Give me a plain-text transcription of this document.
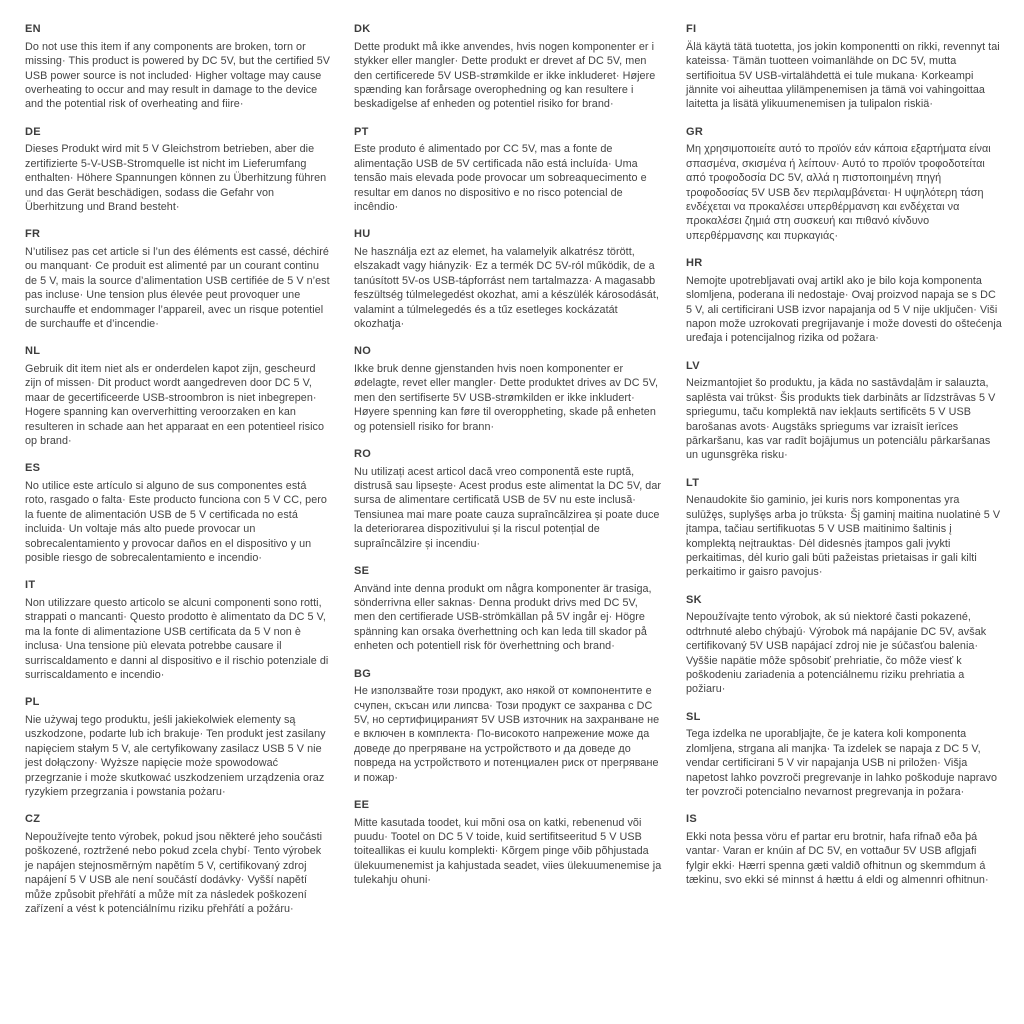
EN

Do not use this item if any components are broken, torn or missing· This product is powered by DC 5V, but the certified 5V USB power source is not included· Higher voltage may cause overheating to occur and may result in damage to the device and the potential risk of overheating and fiire·

DE

Dieses Produkt wird mit 5 V Gleichstrom betrieben, aber die zertifizierte 5-V-USB-Stromquelle ist nicht im Lieferumfang enthalten· Höhere Spannungen können zu Überhitzung führen und das Gerät beschädigen, sodass die Gefahr von Überhitzung und Brand besteht·

FR

N’utilisez pas cet article si l’un des éléments est cassé, déchiré ou manquant· Ce produit est alimenté par un courant continu de 5 V, mais la source d’alimentation USB certifiée de 5 V n’est pas incluse· Une tension plus élevée peut provoquer une surchauffe et endommager l’appareil, avec un risque potentiel de surchauffe et d’incendie·

NL

Gebruik dit item niet als er onderdelen kapot zijn, gescheurd zijn of missen· Dit product wordt aangedreven door DC 5 V, maar de gecertificeerde USB-stroombron is niet inbegrepen· Hogere spanning kan oververhitting veroorzaken en kan resulteren in schade aan het apparaat en een potentieel risico op brand·

ES

No utilice este artículo si alguno de sus componentes está roto, rasgado o falta· Este producto funciona con 5 V CC, pero la fuente de alimentación USB de 5 V certificada no está incluida· Un voltaje más alto puede provocar un sobrecalentamiento y provocar daños en el dispositivo y un posible riesgo de sobrecalentamiento e incendio·

IT

Non utilizzare questo articolo se alcuni componenti sono rotti, strappati o mancanti· Questo prodotto è alimentato da DC 5 V, ma la fonte di alimentazione USB certificata da 5 V non è inclusa· Una tensione più elevata potrebbe causare il surriscaldamento e danni al dispositivo e il rischio potenziale di surriscaldamento e incendio·

PL

Nie używaj tego produktu, jeśli jakiekolwiek elementy są uszkodzone, podarte lub ich brakuje· Ten produkt jest zasilany napięciem stałym 5 V, ale certyfikowany zasilacz USB 5 V nie jest dołączony· Wyższe napięcie może spowodować przegrzanie i może skutkować uszkodzeniem urządzenia oraz ryzykiem przegrzania i powstania pożaru·

CZ

Nepoužívejte tento výrobek, pokud jsou některé jeho součásti poškozené, roztržené nebo pokud zcela chybí· Tento výrobek je napájen stejnosměrným napětím 5 V, certifikovaný zdroj napájení 5 V USB ale není součástí dodávky· Vyšší napětí může způsobit přehřátí a může mít za následek poškození zařízení a vést k potenciálnímu riziku přehřátí a požáru·

DK

Dette produkt må ikke anvendes, hvis nogen komponenter er i stykker eller mangler· Dette produkt er drevet af DC 5V, men den certificerede 5V USB-strømkilde er ikke inkluderet· Højere spænding kan forårsage overophedning og kan resultere i beskadigelse af enheden og potentiel risiko for brand·

PT

Este produto é alimentado por CC 5V, mas a fonte de alimentação USB de 5V certificada não está incluída· Uma tensão mais elevada pode provocar um sobreaquecimento e resultar em danos no dispositivo e no risco potencial de incêndio·

HU

Ne használja ezt az elemet, ha valamelyik alkatrész törött, elszakadt vagy hiányzik· Ez a termék DC 5V-ról működik, de a tanúsított 5V-os USB-tápforrást nem tartalmazza· A magasabb feszültség túlmelegedést okozhat, ami a készülék károsodását, valamint a túlmelegedés és a tűz esetleges kockázatát okozhatja·

NO

Ikke bruk denne gjenstanden hvis noen komponenter er ødelagte, revet eller mangler· Dette produktet drives av DC 5V, men den sertifiserte 5V USB-strømkilden er ikke inkludert· Høyere spenning kan føre til overoppheting, skade på enheten og potensiell risiko for brann·

RO

Nu utilizați acest articol dacă vreo componentă este ruptă, distrusă sau lipsește· Acest produs este alimentat la DC 5V, dar sursa de alimentare certificată USB de 5V nu este inclusă· Tensiunea mai mare poate cauza supraîncălzirea și poate duce la deteriorarea dispozitivului și la riscul potențial de supraîncălzire și incendiu·

SE

Använd inte denna produkt om några komponenter är trasiga, sönderrivna eller saknas· Denna produkt drivs med DC 5V, men den certifierade USB-strömkällan på 5V ingår ej· Högre spänning kan orsaka överhettning och kan leda till skador på enheten och potentiell risk för överhettning och brand·

BG

Не използвайте този продукт, ако някой от компонентите е счупен, скъсан или липсва· Този продукт се захранва с DC 5V, но сертифицираният 5V USB източник на захранване не е включен в комплекта· По-високото напрежение може да доведе до прегряване на устройството и да доведе до повреда на устройството и потенциален риск от прегряване и пожар·

EE

Mitte kasutada toodet, kui mõni osa on katki, rebenenud või puudu· Tootel on DC 5 V toide, kuid sertifitseeritud 5 V USB toiteallikas ei kuulu komplekti· Kõrgem pinge võib põhjustada ülekuumenemist ja kahjustada seadet, viies ülekuumenemise ja tulekahju ohuni·

FI

Älä käytä tätä tuotetta, jos jokin komponentti on rikki, revennyt tai kateissa· Tämän tuotteen voimanlähde on DC 5V, mutta sertifioitua 5V USB-virtalähdettä ei tule mukana· Korkeampi jännite voi aiheuttaa ylilämpenemisen ja tämä voi vahingoittaa laitetta ja lisätä ylikuumenemisen ja tulipalon riskiä·

GR

Μη χρησιμοποιείτε αυτό το προϊόν εάν κάποια εξαρτήματα είναι σπασμένα, σκισμένα ή λείπουν· Αυτό το προϊόν τροφοδοτείται από τροφοδοσία DC 5V, αλλά η πιστοποιημένη πηγή τροφοδοσίας 5V USB δεν περιλαμβάνεται· Η υψηλότερη τάση ενδέχεται να προκαλέσει υπερθέρμανση και ενδέχεται να προκαλέσει ζημιά στη συσκευή και πιθανό κίνδυνο υπερθέρμανσης και πυρκαγιάς·

HR

Nemojte upotrebljavati ovaj artikl ako je bilo koja komponenta slomljena, poderana ili nedostaje· Ovaj proizvod napaja se s DC 5 V, ali certificirani USB izvor napajanja od 5 V nije uključen· Viši napon može uzrokovati pregrijavanje i može dovesti do oštećenja uređaja i potencijalnog rizika od požara·

LV

Neizmantojiet šo produktu, ja kāda no sastāvdaļām ir salauzta, saplēsta vai trūkst· Šis produkts tiek darbināts ar līdzstrāvas 5 V spriegumu, taču komplektā nav iekļauts sertificēts 5 V USB barošanas avots· Augstāks spriegums var izraisīt ierīces pārkaršanu, kas var radīt bojājumus un potenciālu pārkaršanas un ugunsgrēka risku·

LT

Nenaudokite šio gaminio, jei kuris nors komponentas yra sulūžęs, suplyšęs arba jo trūksta· Šį gaminį maitina nuolatinė 5 V įtampa, tačiau sertifikuotas 5 V USB maitinimo šaltinis į komplektą neįtrauktas· Dėl didesnės įtampos gali įvykti perkaitimas, dėl kurio gali būti pažeistas prietaisas ir gali kilti perkaitimo ir gaisro pavojus·

SK

Nepoužívajte tento výrobok, ak sú niektoré časti pokazené, odtrhnuté alebo chýbajú· Výrobok má napájanie DC 5V, avšak certifikovaný 5V USB napájací zdroj nie je súčasťou balenia· Vyššie napätie môže spôsobiť prehriatie, čo môže viesť k poškodeniu zariadenia a potenciálnemu riziku prehriatia a požiaru·

SL

Tega izdelka ne uporabljajte, če je katera koli komponenta zlomljena, strgana ali manjka· Ta izdelek se napaja z DC 5 V, vendar certificirani 5 V vir napajanja USB ni priložen· Višja napetost lahko povzroči pregrevanje in lahko poškoduje napravo ter povzroči potencialno nevarnost pregrevanja in požara·

IS

Ekki nota þessa vöru ef partar eru brotnir, hafa rifnað eða þá vantar· Varan er knúin af DC 5V, en vottaður 5V USB aflgjafi fylgir ekki· Hærri spenna gæti valdið ofhitnun og skemmdum á tækinu, svo ekki sé minnst á hættu á eldi og almennri ofhitnun·
